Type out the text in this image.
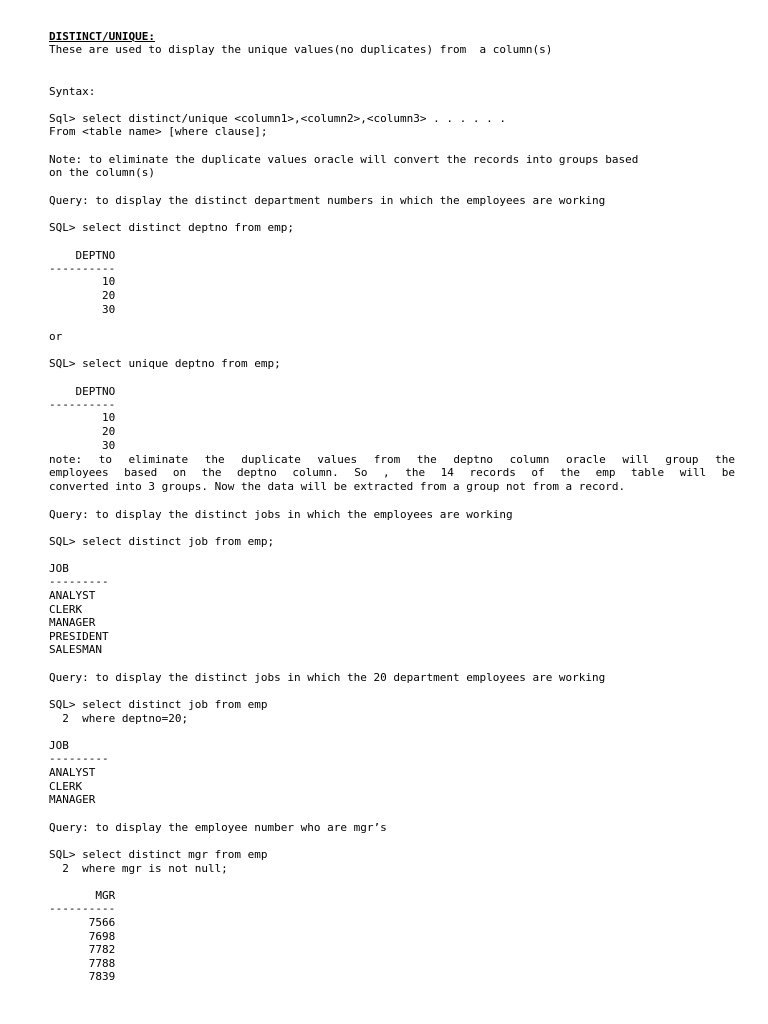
DISTINCT/UNIQUE:
These are used to display the unique values(no duplicates) from  a column(s)
Syntax:
Sql> select distinct/unique <column1>,<column2>,<column3> . . . . . .
From <table name> [where clause];
Note: to eliminate the duplicate values oracle will convert the records into groups based
on the column(s)
Query: to display the distinct department numbers in which the employees are working
SQL> select distinct deptno from emp;
DEPTNO
----------
10
20
30
or
SQL> select unique deptno from emp;
DEPTNO
----------
10
20
30
note: to eliminate the duplicate values from the deptno column oracle will group the
employees based on the deptno column. So , the 14 records of the emp table will be
converted into 3 groups. Now the data will be extracted from a group not from a record.
Query: to display the distinct jobs in which the employees are working
SQL> select distinct job from emp;
JOB
---------
ANALYST
CLERK
MANAGER
PRESIDENT
SALESMAN
Query: to display the distinct jobs in which the 20 department employees are working
SQL> select distinct job from emp
2  where deptno=20;
JOB
---------
ANALYST
CLERK
MANAGER
Query: to display the employee number who are mgr’s
SQL> select distinct mgr from emp
2  where mgr is not null;
MGR
----------
7566
7698
7782
7788
7839
